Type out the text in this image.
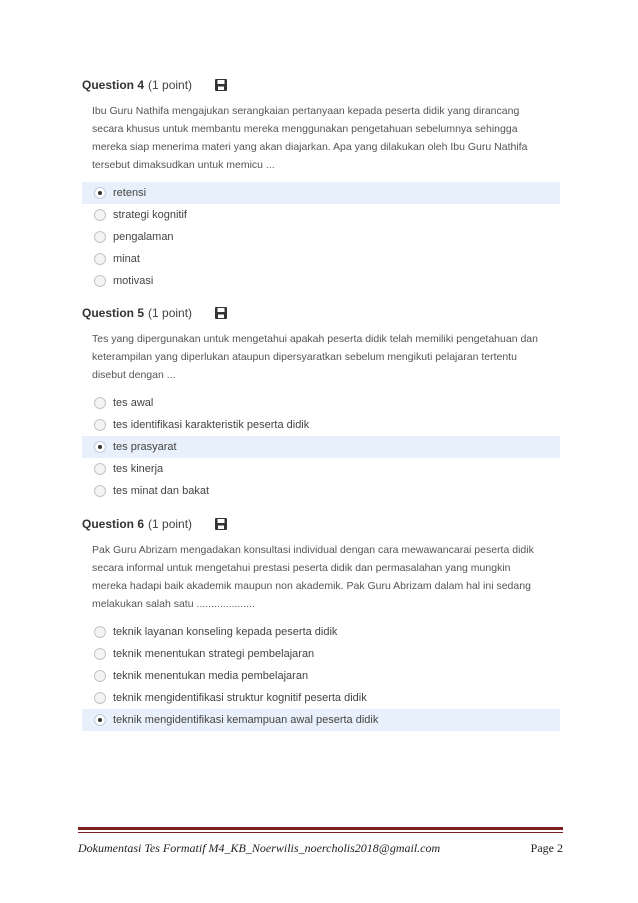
Question 4 (1 point)
Ibu Guru Nathifa mengajukan serangkaian pertanyaan kepada peserta didik yang dirancang secara khusus untuk membantu mereka menggunakan pengetahuan sebelumnya sehingga mereka siap menerima materi yang akan diajarkan. Apa yang dilakukan oleh Ibu Guru Nathifa tersebut dimaksudkan untuk memicu ...
retensi
strategi kognitif
pengalaman
minat
motivasi
Question 5 (1 point)
Tes yang dipergunakan untuk mengetahui apakah peserta didik telah memiliki pengetahuan dan keterampilan yang diperlukan ataupun dipersyaratkan sebelum mengikuti pelajaran tertentu disebut dengan ...
tes awal
tes identifikasi karakteristik peserta didik
tes prasyarat
tes kinerja
tes minat dan bakat
Question 6 (1 point)
Pak Guru Abrizam mengadakan konsultasi individual dengan cara mewawancarai peserta didik secara informal untuk mengetahui prestasi peserta didik dan permasalahan yang mungkin mereka hadapi baik akademik maupun non akademik. Pak Guru Abrizam dalam hal ini sedang melakukan salah satu ....................
teknik layanan konseling kepada peserta didik
teknik menentukan strategi pembelajaran
teknik menentukan media pembelajaran
teknik mengidentifikasi struktur kognitif peserta didik
teknik mengidentifikasi kemampuan awal peserta didik
Dokumentasi Tes Formatif M4_KB_Noerwilis_noercholis2018@gmail.com	Page 2
